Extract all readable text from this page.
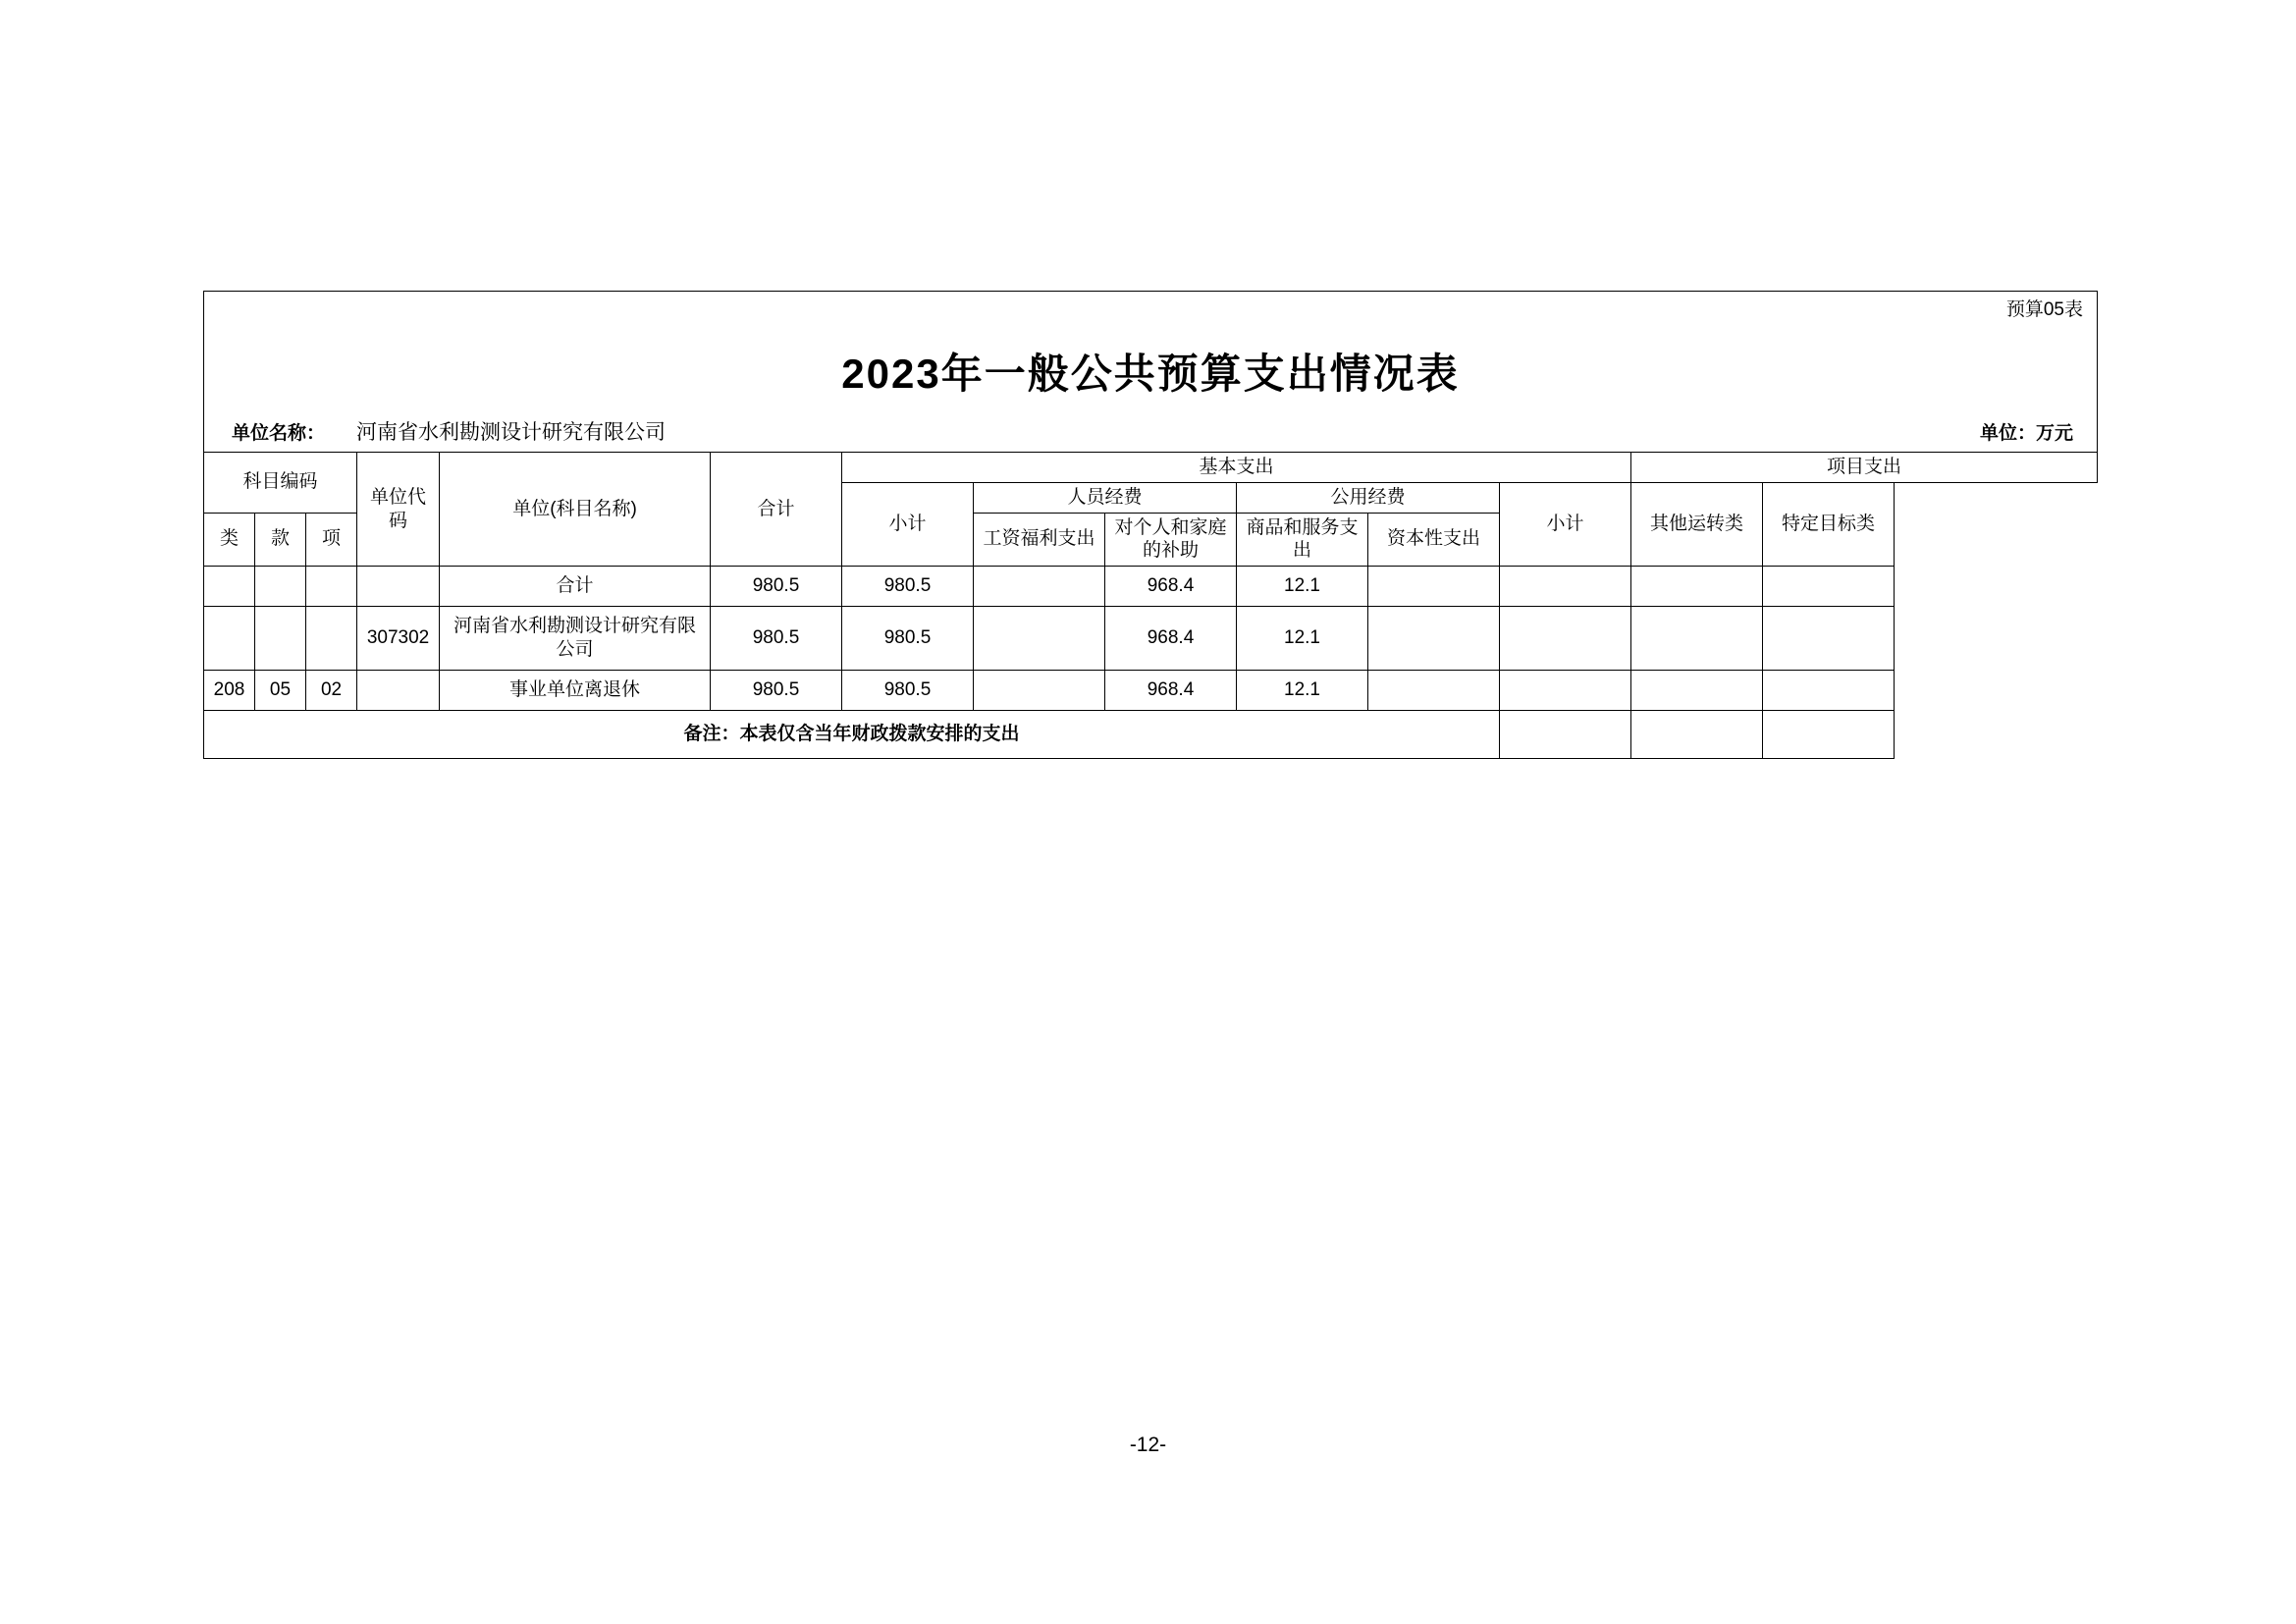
预算05表
2023年一般公共预算支出情况表
单位名称： 河南省水利勘测设计研究有限公司	单位：万元
科目编码			单位代码	单位(科目名称)	合计	基本支出						项目支出	
						小计	人员经费		公用经费		小计	其他运转类	特定目标类
类	款	项					工资福利支出	对个人和家庭的补助	商品和服务支出	资本性支出			
				合计	980.5	980.5		968.4	12.1				
			307302	河南省水利勘测设计研究有限公司	980.5	980.5		968.4	12.1				
208	05	02		事业单位离退休	980.5	980.5		968.4	12.1				
备注：本表仅含当年财政拨款安排的支出													
-12-
